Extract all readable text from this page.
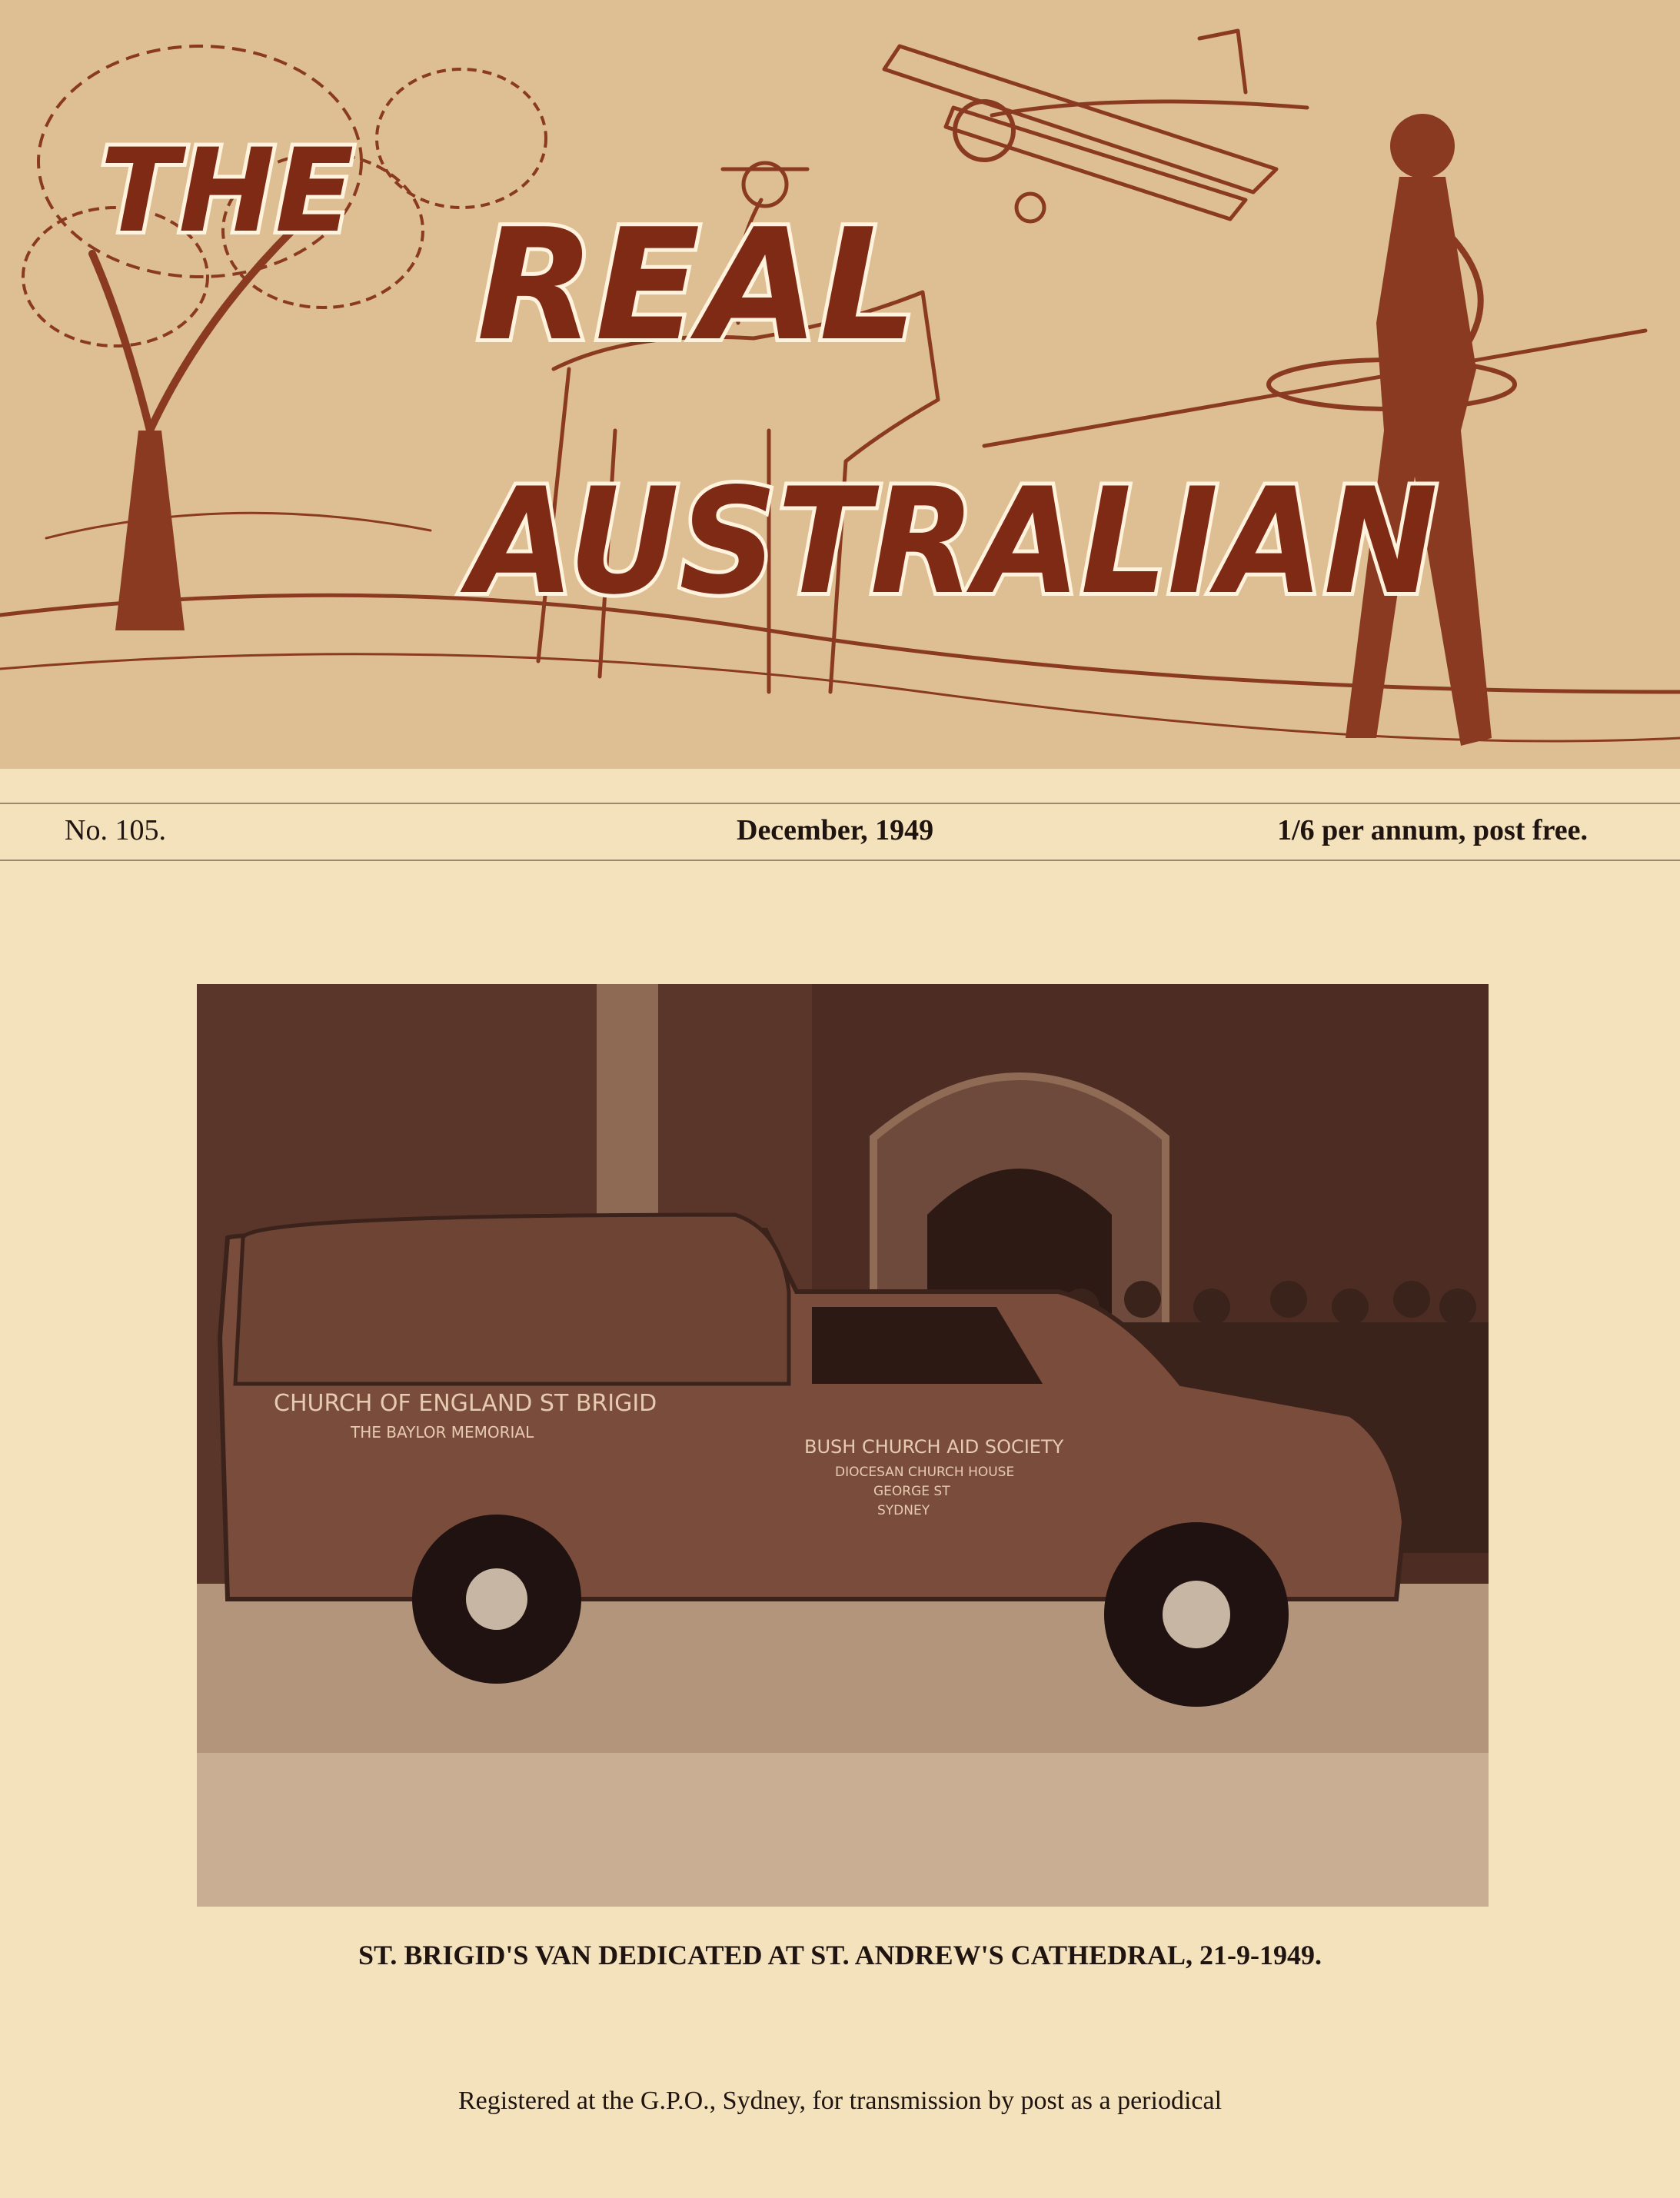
THE
REAL
AUSTRALIAN
No. 105.	December, 1949	1/6 per annum, post free.
CHURCH OF ENGLAND ST BRIGID
THE BAYLOR MEMORIAL
BUSH CHURCH AID SOCIETY
DIOCESAN CHURCH HOUSE
GEORGE ST
SYDNEY
ST. BRIGID'S VAN DEDICATED AT ST. ANDREW'S CATHEDRAL, 21-9-1949.
Registered at the G.P.O., Sydney, for transmission by post as a periodical
